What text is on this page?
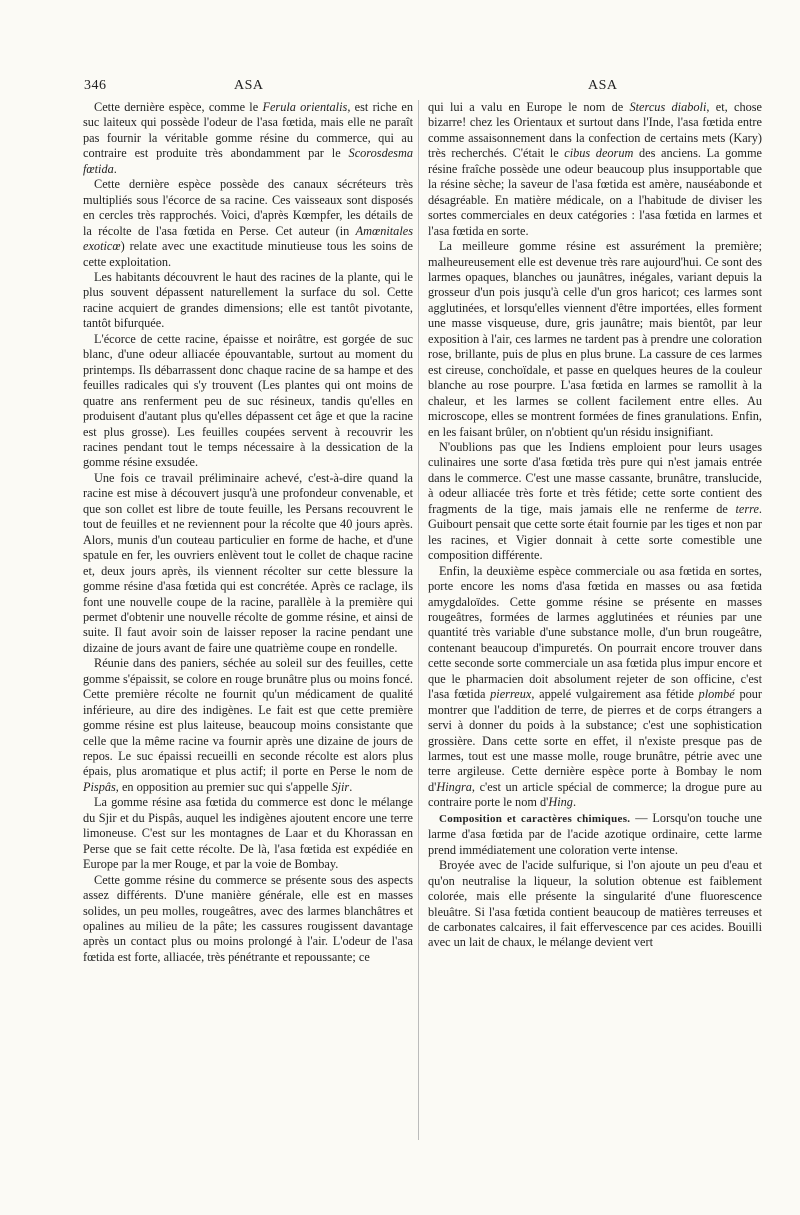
346	ASA	ASA

Cette dernière espèce, comme le Ferula orientalis, est riche en suc laiteux qui possède l'odeur de l'asa fœtida, mais elle ne paraît pas fournir la véritable gomme résine du commerce, qui au contraire est produite très abondamment par le Scorosdesma fœtida.

Cette dernière espèce possède des canaux sécréteurs très multipliés sous l'écorce de sa racine. Ces vaisseaux sont disposés en cercles très rapprochés. Voici, d'après Kœmpfer, les détails de la récolte de l'asa fœtida en Perse. Cet auteur (in Amœnitales exoticœ) relate avec une exactitude minutieuse tous les soins de cette exploitation.

Les habitants découvrent le haut des racines de la plante, qui le plus souvent dépassent naturellement la surface du sol. Cette racine acquiert de grandes dimensions; elle est tantôt pivotante, tantôt bifurquée.

L'écorce de cette racine, épaisse et noirâtre, est gorgée de suc blanc, d'une odeur alliacée épouvantable, surtout au moment du printemps. Ils débarrassent donc chaque racine de sa hampe et des feuilles radicales qui s'y trouvent (Les plantes qui ont moins de quatre ans renferment peu de suc résineux, tandis qu'elles en produisent d'autant plus qu'elles dépassent cet âge et que la racine est plus grosse). Les feuilles coupées servent à recouvrir les racines pendant tout le temps nécessaire à la dessication de la gomme résine exsudée.

Une fois ce travail préliminaire achevé, c'est-à-dire quand la racine est mise à découvert jusqu'à une profondeur convenable, et que son collet est libre de toute feuille, les Persans recouvrent le tout de feuilles et ne reviennent pour la récolte que 40 jours après. Alors, munis d'un couteau particulier en forme de hache, et d'une spatule en fer, les ouvriers enlèvent tout le collet de chaque racine et, deux jours après, ils viennent récolter sur cette blessure la gomme résine d'asa fœtida qui est concrétée. Après ce raclage, ils font une nouvelle coupe de la racine, parallèle à la première qui permet d'obtenir une nouvelle récolte de gomme résine, et ainsi de suite. Il faut avoir soin de laisser reposer la racine pendant une dizaine de jours avant de faire une quatrième coupe en rondelle.

Réunie dans des paniers, séchée au soleil sur des feuilles, cette gomme s'épaissit, se colore en rouge brunâtre plus ou moins foncé. Cette première récolte ne fournit qu'un médicament de qualité inférieure, au dire des indigènes. Le fait est que cette première gomme résine est plus laiteuse, beaucoup moins consistante que celle que la même racine va fournir après une dizaine de jours de repos. Le suc épaissi recueilli en seconde récolte est alors plus épais, plus aromatique et plus actif; il porte en Perse le nom de Pispâs, en opposition au premier suc qui s'appelle Sjir.

La gomme résine asa fœtida du commerce est donc le mélange du Sjir et du Pispâs, auquel les indigènes ajoutent encore une terre limoneuse. C'est sur les montagnes de Laar et du Khorassan en Perse que se fait cette récolte. De là, l'asa fœtida est expédiée en Europe par la mer Rouge, et par la voie de Bombay.

Cette gomme résine du commerce se présente sous des aspects assez différents. D'une manière générale, elle est en masses solides, un peu molles, rougeâtres, avec des larmes blanchâtres et opalines au milieu de la pâte; les cassures rougissent davantage après un contact plus ou moins prolongé à l'air. L'odeur de l'asa fœtida est forte, alliacée, très pénétrante et repoussante; ce

qui lui a valu en Europe le nom de Stercus diaboli, et, chose bizarre! chez les Orientaux et surtout dans l'Inde, l'asa fœtida entre comme assaisonnement dans la confection de certains mets (Kary) très recherchés. C'était le cibus deorum des anciens. La gomme résine fraîche possède une odeur beaucoup plus insupportable que la résine sèche; la saveur de l'asa fœtida est amère, nauséabonde et désagréable. En matière médicale, on a l'habitude de diviser les sortes commerciales en deux catégories : l'asa fœtida en larmes et l'asa fœtida en sorte.

La meilleure gomme résine est assurément la première; malheureusement elle est devenue très rare aujourd'hui. Ce sont des larmes opaques, blanches ou jaunâtres, inégales, variant depuis la grosseur d'un pois jusqu'à celle d'un gros haricot; ces larmes sont agglutinées, et lorsqu'elles viennent d'être importées, elles forment une masse visqueuse, dure, gris jaunâtre; mais bientôt, par leur exposition à l'air, ces larmes ne tardent pas à prendre une coloration rose, brillante, puis de plus en plus brune. La cassure de ces larmes est cireuse, conchoïdale, et passe en quelques heures de la couleur blanche au rose pourpre. L'asa fœtida en larmes se ramollit à la chaleur, et les larmes se collent facilement entre elles. Au microscope, elles se montrent formées de fines granulations. Enfin, en les faisant brûler, on n'obtient qu'un résidu insignifiant.

N'oublions pas que les Indiens emploient pour leurs usages culinaires une sorte d'asa fœtida très pure qui n'est jamais entrée dans le commerce. C'est une masse cassante, brunâtre, translucide, à odeur alliacée très forte et très fétide; cette sorte contient des fragments de la tige, mais jamais elle ne renferme de terre. Guibourt pensait que cette sorte était fournie par les tiges et non par les racines, et Vigier donnait à cette sorte comestible une composition différente.

Enfin, la deuxième espèce commerciale ou asa fœtida en sortes, porte encore les noms d'asa fœtida en masses ou asa fœtida amygdaloïdes. Cette gomme résine se présente en masses rougeâtres, formées de larmes agglutinées et réunies par une quantité très variable d'une substance molle, d'un brun rougeâtre, contenant beaucoup d'impuretés. On pourrait encore trouver dans cette seconde sorte commerciale un asa fœtida plus impur encore et que le pharmacien doit absolument rejeter de son officine, c'est l'asa fœtida pierreux, appelé vulgairement asa fétide plombé pour montrer que l'addition de terre, de pierres et de corps étrangers a servi à donner du poids à la substance; c'est une sophistication grossière. Dans cette sorte en effet, il n'existe presque pas de larmes, tout est une masse molle, rouge brunâtre, pétrie avec une terre argileuse. Cette dernière espèce porte à Bombay le nom d'Hingra, c'est un article spécial de commerce; la drogue pure au contraire porte le nom d'Hing.

Composition et caractères chimiques. — Lorsqu'on touche une larme d'asa fœtida par de l'acide azotique ordinaire, cette larme prend immédiatement une coloration verte intense.

Broyée avec de l'acide sulfurique, si l'on ajoute un peu d'eau et qu'on neutralise la liqueur, la solution obtenue est faiblement colorée, mais elle présente la singularité d'une fluorescence bleuâtre. Si l'asa fœtida contient beaucoup de matières terreuses et de carbonates calcaires, il fait effervescence par ces acides. Bouilli avec un lait de chaux, le mélange devient vert
